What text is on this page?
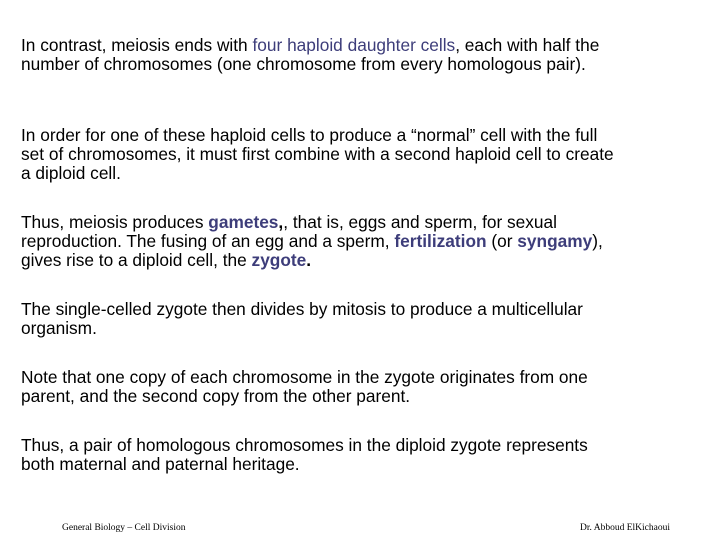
In contrast, meiosis ends with four haploid daughter cells, each with half the
number of chromosomes (one chromosome from every homologous pair).

In order for one of these haploid cells to produce a “normal” cell with the full
set of chromosomes, it must first combine with a second haploid cell to create
a diploid cell.

Thus, meiosis produces gametes,, that is, eggs and sperm, for sexual
reproduction. The fusing of an egg and a sperm, fertilization (or syngamy),
gives rise to a diploid cell, the zygote.

The single-celled zygote then divides by mitosis to produce a multicellular
organism.

Note that one copy of each chromosome in the zygote originates from one
parent, and the second copy from the other parent.

Thus, a pair of homologous chromosomes in the diploid zygote represents
both maternal and paternal heritage.

General Biology – Cell Division	Dr. Abboud ElKichaoui
